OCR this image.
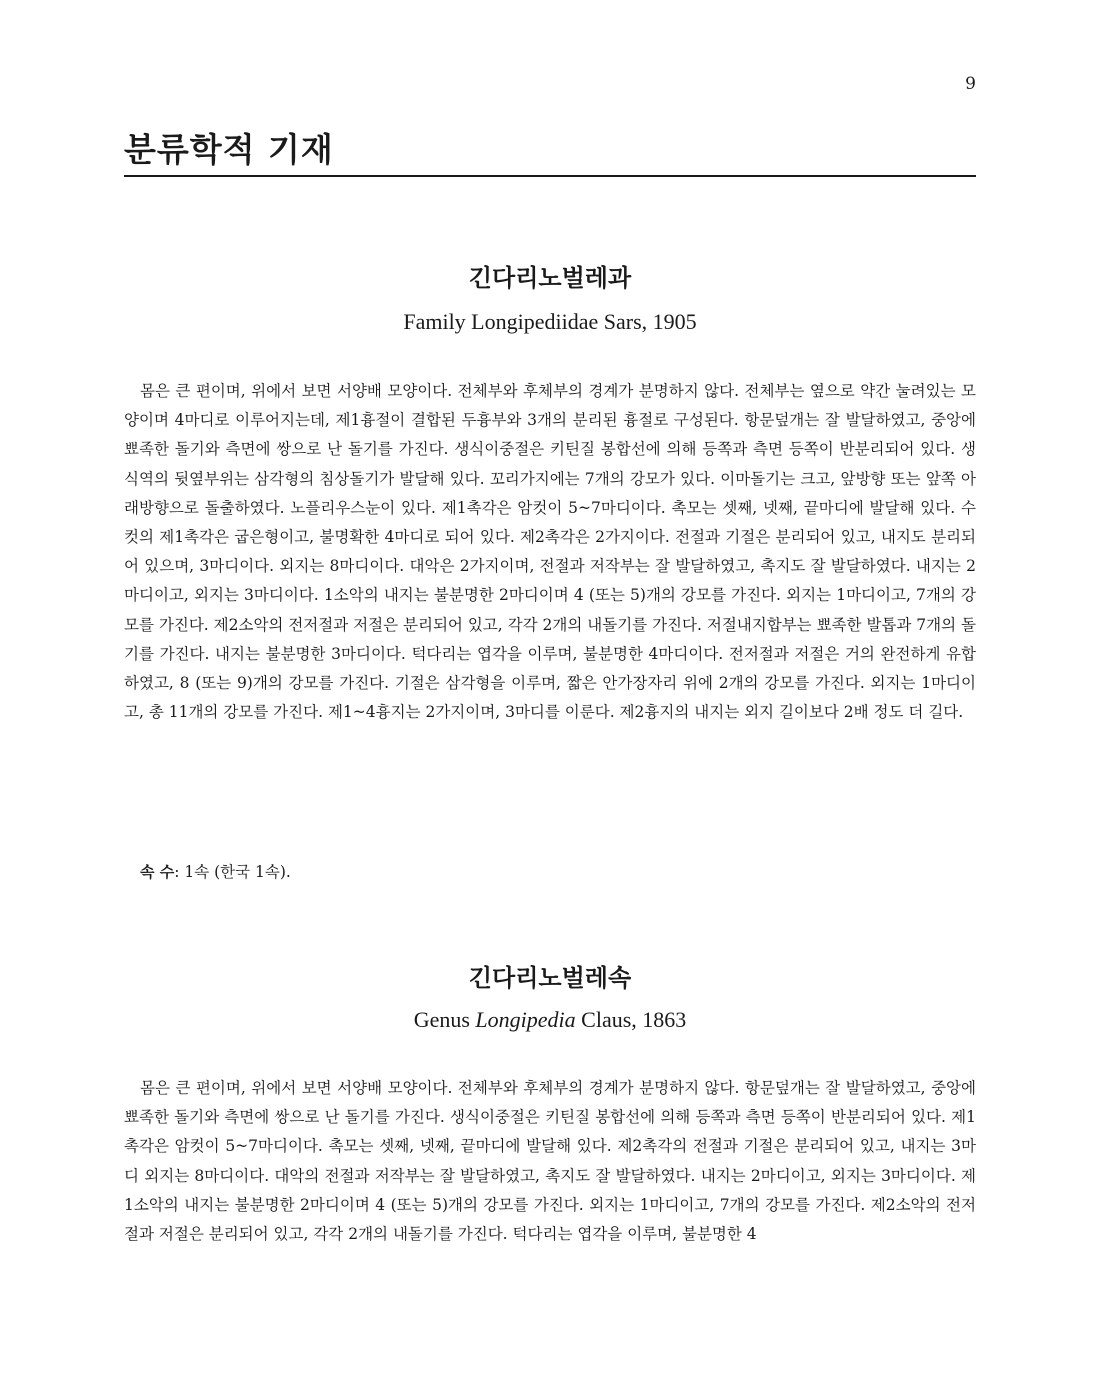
9
분류학적 기재
긴다리노벌레과

Family Longipediidae Sars, 1905

몸은 큰 편이며, 위에서 보면 서양배 모양이다. 전체부와 후체부의 경계가 분명하지 않다. 전체부는 옆으로 약간 눌려있는 모양이며 4마디로 이루어지는데, 제1흉절이 결합된 두흉부와 3개의 분리된 흉절로 구성된다. 항문덮개는 잘 발달하였고, 중앙에 뾰족한 돌기와 측면에 쌍으로 난 돌기를 가진다. 생식이중절은 키틴질 봉합선에 의해 등쪽과 측면 등쪽이 반분리되어 있다. 생식역의 뒷옆부위는 삼각형의 침상돌기가 발달해 있다. 꼬리가지에는 7개의 강모가 있다. 이마돌기는 크고, 앞방향 또는 앞쪽 아래방향으로 돌출하였다. 노플리우스눈이 있다. 제1촉각은 암컷이 5~7마디이다. 촉모는 셋째, 넷째, 끝마디에 발달해 있다. 수컷의 제1촉각은 굽은형이고, 불명확한 4마디로 되어 있다. 제2촉각은 2가지이다. 전절과 기절은 분리되어 있고, 내지도 분리되어 있으며, 3마디이다. 외지는 8마디이다. 대악은 2가지이며, 전절과 저작부는 잘 발달하였고, 촉지도 잘 발달하였다. 내지는 2마디이고, 외지는 3마디이다. 1소악의 내지는 불분명한 2마디이며 4 (또는 5)개의 강모를 가진다. 외지는 1마디이고, 7개의 강모를 가진다. 제2소악의 전저절과 저절은 분리되어 있고, 각각 2개의 내돌기를 가진다. 저절내지합부는 뾰족한 발톱과 7개의 돌기를 가진다. 내지는 불분명한 3마디이다. 턱다리는 엽각을 이루며, 불분명한 4마디이다. 전저절과 저절은 거의 완전하게 유합하였고, 8 (또는 9)개의 강모를 가진다. 기절은 삼각형을 이루며, 짧은 안가장자리 위에 2개의 강모를 가진다. 외지는 1마디이고, 총 11개의 강모를 가진다. 제1~4흉지는 2가지이며, 3마디를 이룬다. 제2흉지의 내지는 외지 길이보다 2배 정도 더 길다.

속 수: 1속 (한국 1속).

긴다리노벌레속

Genus Longipedia Claus, 1863

몸은 큰 편이며, 위에서 보면 서양배 모양이다. 전체부와 후체부의 경계가 분명하지 않다. 항문덮개는 잘 발달하였고, 중앙에 뾰족한 돌기와 측면에 쌍으로 난 돌기를 가진다. 생식이중절은 키틴질 봉합선에 의해 등쪽과 측면 등쪽이 반분리되어 있다. 제1촉각은 암컷이 5~7마디이다. 촉모는 셋째, 넷째, 끝마디에 발달해 있다. 제2촉각의 전절과 기절은 분리되어 있고, 내지는 3마디 외지는 8마디이다. 대악의 전절과 저작부는 잘 발달하였고, 촉지도 잘 발달하였다. 내지는 2마디이고, 외지는 3마디이다. 제1소악의 내지는 불분명한 2마디이며 4 (또는 5)개의 강모를 가진다. 외지는 1마디이고, 7개의 강모를 가진다. 제2소악의 전저절과 저절은 분리되어 있고, 각각 2개의 내돌기를 가진다. 턱다리는 엽각을 이루며, 불분명한 4
